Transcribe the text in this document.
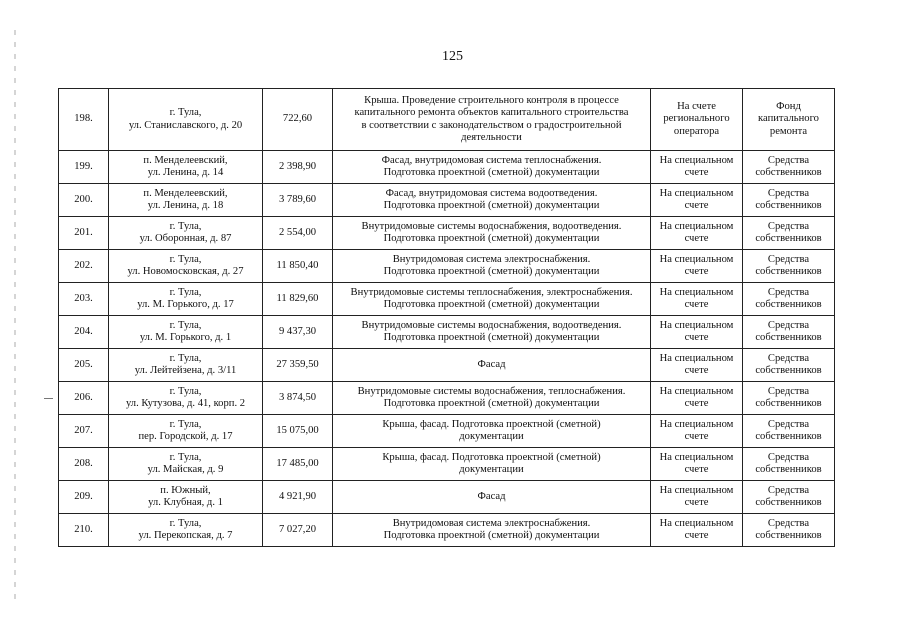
125
198.	г. Тула,
ул. Станиславского, д. 20	722,60	Крыша. Проведение строительного контроля в процессе
капитального ремонта объектов капитального строительства
в соответствии с законодательством о градостроительной
деятельности	На счете
регионального
оператора	Фонд
капитального
ремонта

199.	п. Менделеевский,
ул. Ленина, д. 14	2 398,90	Фасад, внутридомовая система теплоснабжения.
Подготовка проектной (сметной) документации	На специальном
счете	Средства
собственников

200.	п. Менделеевский,
ул. Ленина, д. 18	3 789,60	Фасад, внутридомовая система водоотведения.
Подготовка проектной (сметной) документации	На специальном
счете	Средства
собственников

201.	г. Тула,
ул. Оборонная, д. 87	2 554,00	Внутридомовые системы водоснабжения, водоотведения.
Подготовка проектной (сметной) документации	На специальном
счете	Средства
собственников

202.	г. Тула,
ул. Новомосковская, д. 27	11 850,40	Внутридомовая система электроснабжения.
Подготовка проектной (сметной) документации	На специальном
счете	Средства
собственников

203.	г. Тула,
ул. М. Горького, д. 17	11 829,60	Внутридомовые системы теплоснабжения, электроснабжения.
Подготовка проектной (сметной) документации	На специальном
счете	Средства
собственников

204.	г. Тула,
ул. М. Горького, д. 1	9 437,30	Внутридомовые системы водоснабжения, водоотведения.
Подготовка проектной (сметной) документации	На специальном
счете	Средства
собственников

205.	г. Тула,
ул. Лейтейзена, д. 3/11	27 359,50	Фасад	На специальном
счете	Средства
собственников

206.	г. Тула,
ул. Кутузова, д. 41, корп. 2	3 874,50	Внутридомовые системы водоснабжения, теплоснабжения.
Подготовка проектной (сметной) документации	На специальном
счете	Средства
собственников

207.	г. Тула,
пер. Городской, д. 17	15 075,00	Крыша, фасад. Подготовка проектной (сметной)
документации	На специальном
счете	Средства
собственников

208.	г. Тула,
ул. Майская, д. 9	17 485,00	Крыша, фасад. Подготовка проектной (сметной)
документации	На специальном
счете	Средства
собственников

209.	п. Южный,
ул. Клубная, д. 1	4 921,90	Фасад	На специальном
счете	Средства
собственников

210.	г. Тула,
ул. Перекопская, д. 7	7 027,20	Внутридомовая система электроснабжения.
Подготовка проектной (сметной) документации	На специальном
счете	Средства
собственников
